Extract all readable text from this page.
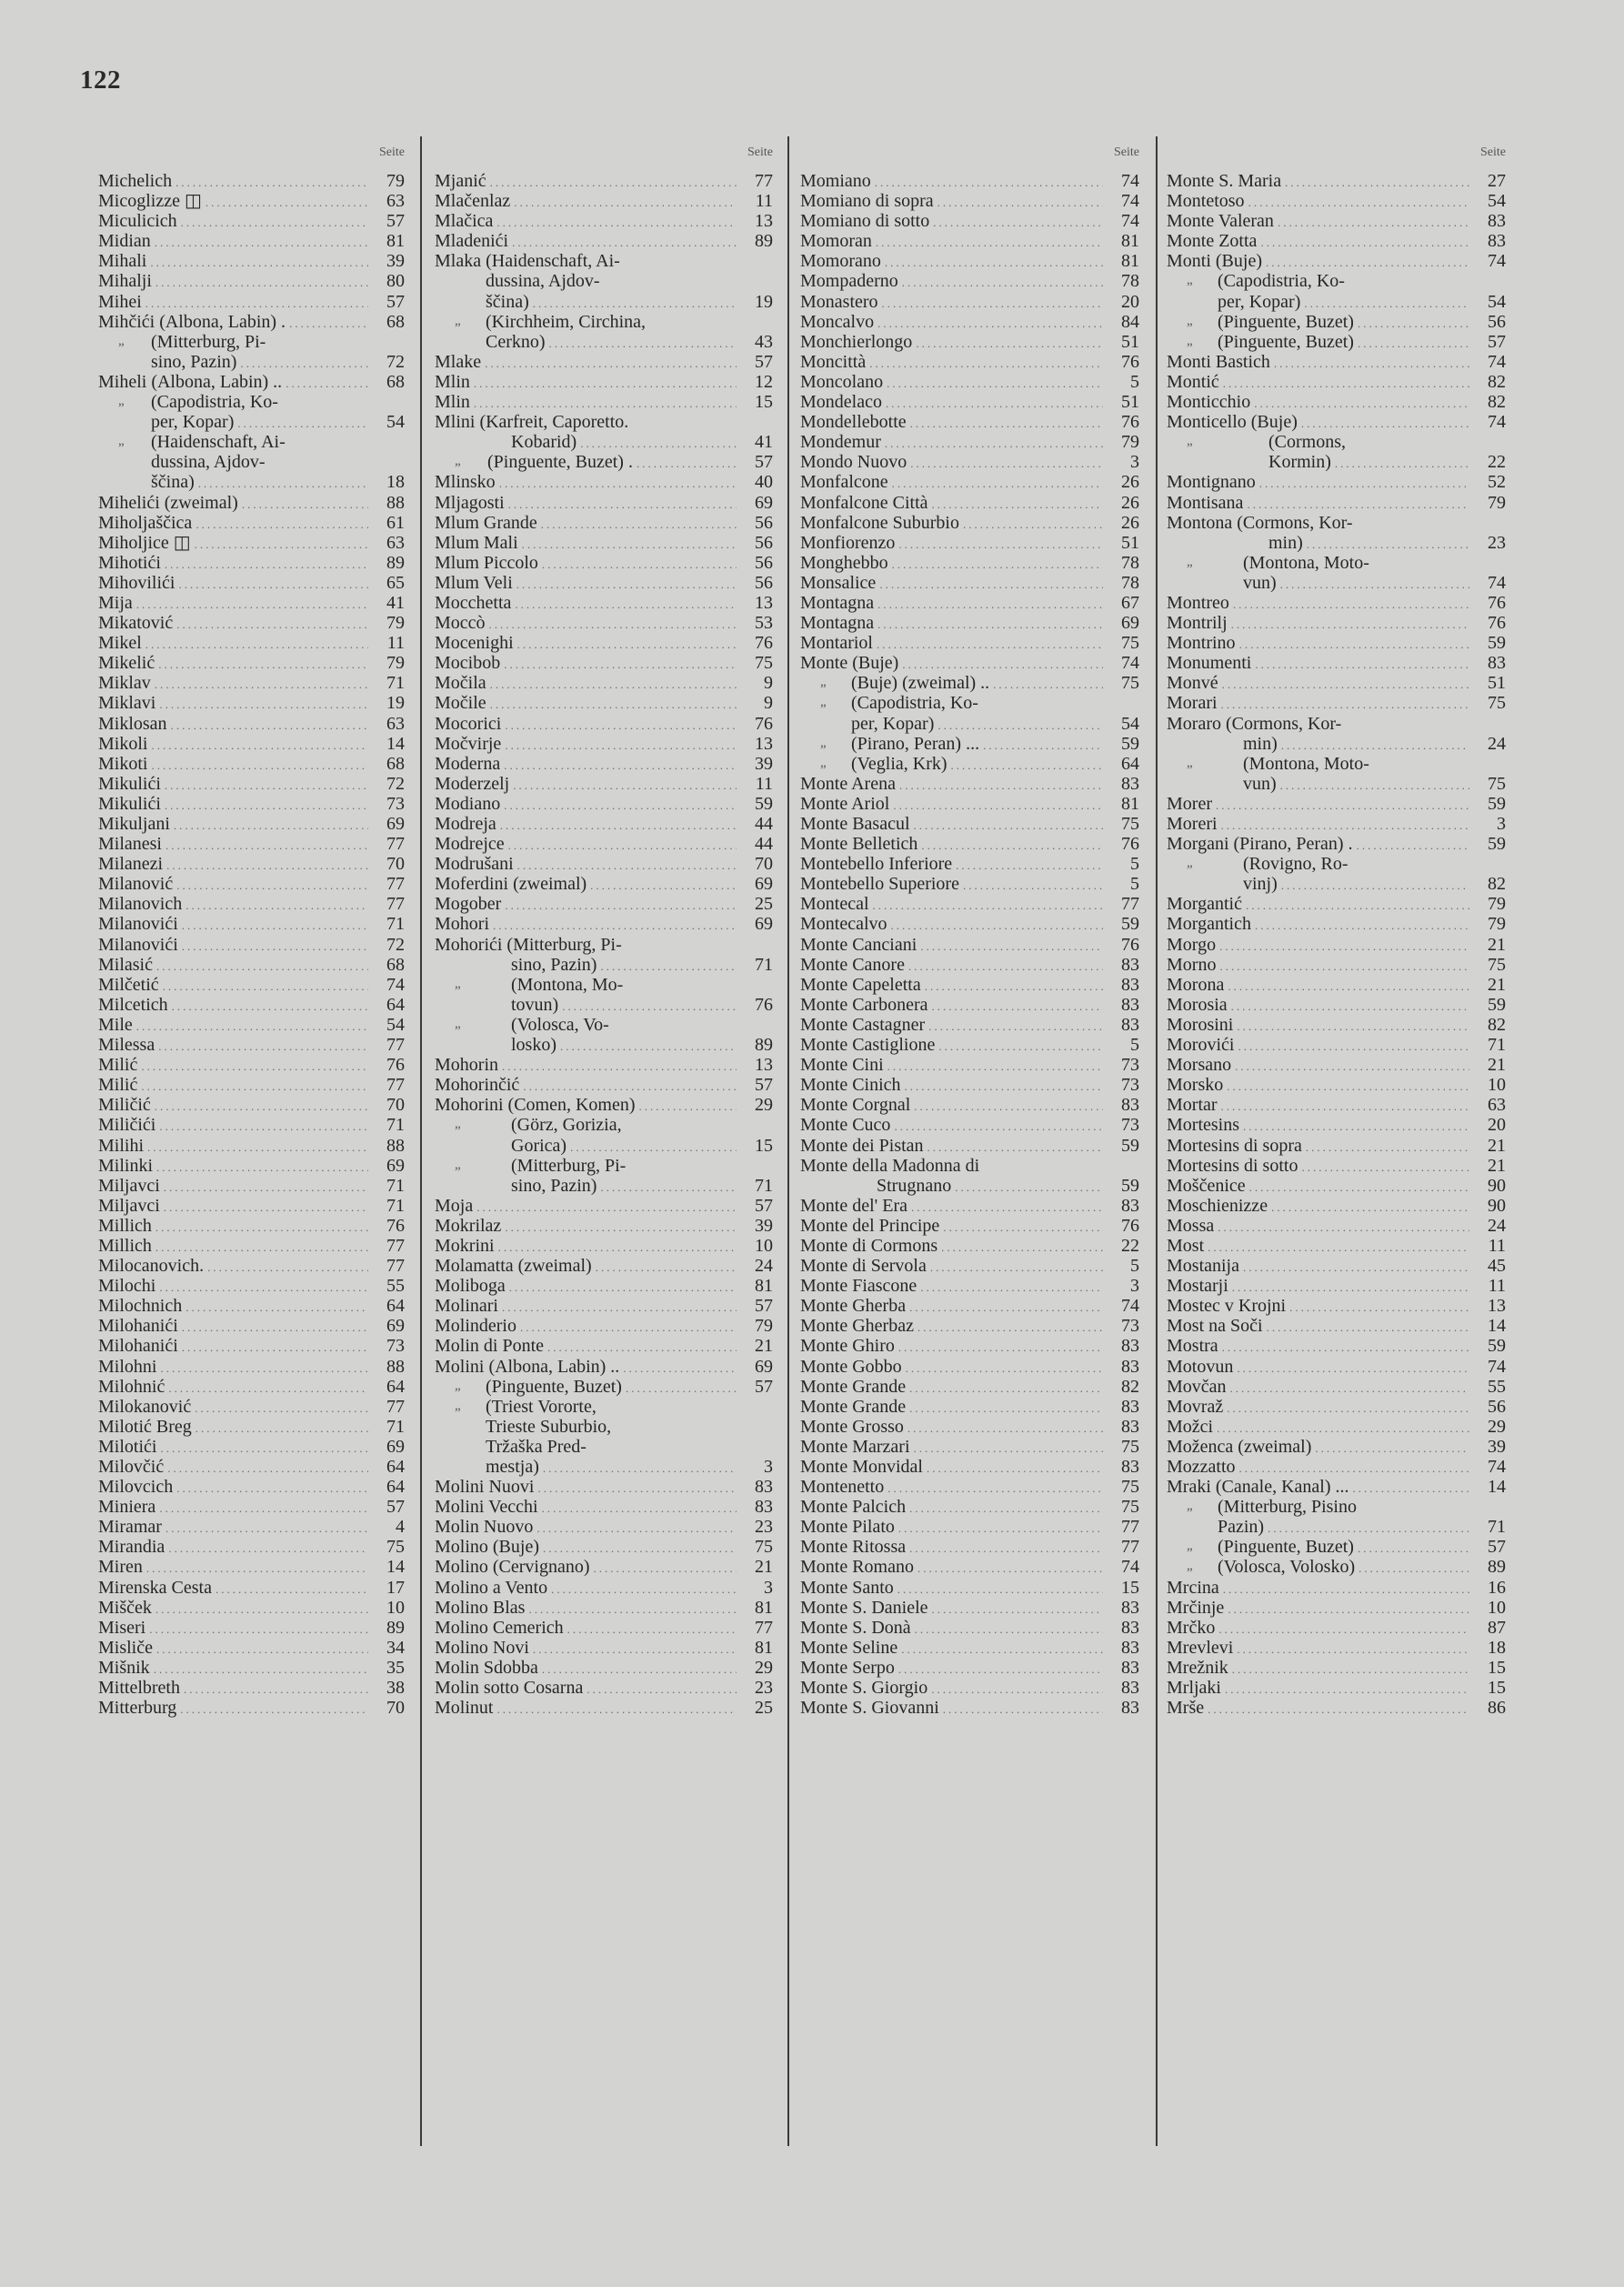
122
Seite
Michelich .....	79
Micoglizze ◫ .....	63
Miculicich .....	57
Midian .....	81
Mihali .....	39
Mihalji .....	80
Mihei .....	57
Mihčići (Albona, Labin) . .....	68
„ (Mitterburg, Pi-
sino, Pazin) .....	72
Miheli (Albona, Labin) .. .....	68
„ (Capodistria, Ko-
per, Kopar) .....	54
„ (Haidenschaft, Ai-
dussina, Ajdov-
ščina) .....	18
Mihelići (zweimal) .....	88
Miholjaščica .....	61
Miholjice ◫ .....	63
Mihotići .....	89
Mihovilići .....	65
Mija .....	41
Mikatović .....	79
Mikel .....	11
Mikelić .....	79
Miklav .....	71
Miklavi .....	19
Miklosan .....	63
Mikoli .....	14
Mikoti .....	68
Mikulići .....	72
Mikulići .....	73
Mikuljani .....	69
Milanesi .....	77
Milanezi .....	70
Milanović .....	77
Milanovich .....	77
Milanovići .....	71
Milanovići .....	72
Milasić .....	68
Milčetić .....	74
Milcetich .....	64
Mile .....	54
Milessa .....	77
Milić .....	76
Milić .....	77
Miličić .....	70
Miličići .....	71
Milihi .....	88
Milinki .....	69
Miljavci .....	71
Miljavci .....	71
Millich .....	76
Millich .....	77
Milocanovich. .....	77
Milochi .....	55
Milochnich .....	64
Milohanići .....	69
Milohanići .....	73
Milohni .....	88
Milohnić .....	64
Milokanović .....	77
Milotić Breg .....	71
Milotići .....	69
Milovčić .....	64
Milovcich .....	64
Miniera .....	57
Miramar .....	4
Mirandia .....	75
Miren .....	14
Mirenska Cesta .....	17
Mišček .....	10
Miseri .....	89
Misliče .....	34
Mišnik .....	35
Mittelbreth .....	38
Mitterburg .....	70
Seite
Mjanić .....	77
Mlačenlaz .....	11
Mlačica .....	13
Mladenići .....	89
Mlaka (Haidenschaft, Ai-
dussina, Ajdov-
ščina) .....	19
„ (Kirchheim, Circhina,
Cerkno) .....	43
Mlake .....	57
Mlin .....	12
Mlin .....	15
Mlini (Karfreit, Caporetto.
Kobarid) .....	41
„ (Pinguente, Buzet) . .....	57
Mlinsko .....	40
Mljagosti .....	69
Mlum Grande .....	56
Mlum Mali .....	56
Mlum Piccolo .....	56
Mlum Veli .....	56
Mocchetta .....	13
Moccò .....	53
Mocenighi .....	76
Mocibob .....	75
Močila .....	9
Močile .....	9
Mocorici .....	76
Močvirje .....	13
Moderna .....	39
Moderzelj .....	11
Modiano .....	59
Modreja .....	44
Modrejce .....	44
Modrušani .....	70
Moferdini (zweimal) .....	69
Mogober .....	25
Mohori .....	69
Mohorići (Mitterburg, Pi-
sino, Pazin) .....	71
„	(Montona, Mo-
tovun) .....	76
„	(Volosca, Vo-
losko) .....	89
Mohorin .....	13
Mohorinčić .....	57
Mohorini (Comen, Komen) .....	29
„	(Görz, Gorizia,
Gorica) .....	15
„	(Mitterburg, Pi-
sino, Pazin) .....	71
Moja .....	57
Mokrilaz .....	39
Mokrini .....	10
Molamatta (zweimal) .....	24
Moliboga .....	81
Molinari .....	57
Molinderio .....	79
Molin di Ponte .....	21
Molini (Albona, Labin) .. .....	69
„ (Pinguente, Buzet) .....	57
„ (Triest Vororte,
Trieste Suburbio,
Tržaška Pred-
mestja) .....	3
Molini Nuovi .....	83
Molini Vecchi .....	83
Molin Nuovo .....	23
Molino (Buje) .....	75
Molino (Cervignano) .....	21
Molino a Vento .....	3
Molino Blas .....	81
Molino Cemerich .....	77
Molino Novi .....	81
Molin Sdobba .....	29
Molin sotto Cosarna .....	23
Molinut .....	25
Seite
Momiano .....	74
Momiano di sopra .....	74
Momiano di sotto .....	74
Momoran .....	81
Momorano .....	81
Mompaderno .....	78
Monastero .....	20
Moncalvo .....	84
Monchierlongo .....	51
Moncittà .....	76
Moncolano .....	5
Mondelaco .....	51
Mondellebotte .....	76
Mondemur .....	79
Mondo Nuovo .....	3
Monfalcone .....	26
Monfalcone Città .....	26
Monfalcone Suburbio .....	26
Monfiorenzo .....	51
Monghebbo .....	78
Monsalice .....	78
Montagna .....	67
Montagna .....	69
Montariol .....	75
Monte (Buje) .....	74
„ (Buje) (zweimal) .. .....	75
„ (Capodistria, Ko-
per, Kopar) .....	54
„ (Pirano, Peran) ... .....	59
„ (Veglia, Krk) .....	64
Monte Arena .....	83
Monte Ariol .....	81
Monte Basacul .....	75
Monte Belletich .....	76
Montebello Inferiore .....	5
Montebello Superiore .....	5
Montecal .....	77
Montecalvo .....	59
Monte Canciani .....	76
Monte Canore .....	83
Monte Capeletta .....	83
Monte Carbonera .....	83
Monte Castagner .....	83
Monte Castiglione .....	5
Monte Cini .....	73
Monte Cinich .....	73
Monte Corgnal .....	83
Monte Cuco .....	73
Monte dei Pistan .....	59
Monte della Madonna di
Strugnano .....	59
Monte del' Era .....	83
Monte del Principe .....	76
Monte di Cormons .....	22
Monte di Servola .....	5
Monte Fiascone .....	3
Monte Gherba .....	74
Monte Gherbaz .....	73
Monte Ghiro .....	83
Monte Gobbo .....	83
Monte Grande .....	82
Monte Grande .....	83
Monte Grosso .....	83
Monte Marzari .....	75
Monte Monvidal .....	83
Montenetto .....	75
Monte Palcich .....	75
Monte Pilato .....	77
Monte Ritossa .....	77
Monte Romano .....	74
Monte Santo .....	15
Monte S. Daniele .....	83
Monte S. Donà .....	83
Monte Seline .....	83
Monte Serpo .....	83
Monte S. Giorgio .....	83
Monte S. Giovanni .....	83
Seite
Monte S. Maria .....	27
Montetoso .....	54
Monte Valeran .....	83
Monte Zotta .....	83
Monti (Buje) .....	74
„ (Capodistria, Ko-
per, Kopar) .....	54
„ (Pinguente, Buzet) .....	56
„ (Pinguente, Buzet) .....	57
Monti Bastich .....	74
Montić .....	82
Monticchio .....	82
Monticello (Buje) .....	74
„	(Cormons,
Kormin) .....	22
Montignano .....	52
Montisana .....	79
Montona (Cormons, Kor-
min) .....	23
„	(Montona, Moto-
vun) .....	74
Montreo .....	76
Montrilj .....	76
Montrino .....	59
Monumenti .....	83
Monvé .....	51
Morari .....	75
Moraro (Cormons, Kor-
min) .....	24
„	(Montona, Moto-
vun) .....	75
Morer .....	59
Moreri .....	3
Morgani (Pirano, Peran) . .....	59
„	(Rovigno, Ro-
vinj) .....	82
Morgantić .....	79
Morgantich .....	79
Morgo .....	21
Morno .....	75
Morona .....	21
Morosia .....	59
Morosini .....	82
Morovići .....	71
Morsano .....	21
Morsko .....	10
Mortar .....	63
Mortesins .....	20
Mortesins di sopra .....	21
Mortesins di sotto .....	21
Moščenice .....	90
Moschienizze .....	90
Mossa .....	24
Most .....	11
Mostanija .....	45
Mostarji .....	11
Mostec v Krojni .....	13
Most na Soči .....	14
Mostra .....	59
Motovun .....	74
Movčan .....	55
Movraž .....	56
Možci .....	29
Moženca (zweimal) .....	39
Mozzatto .....	74
Mraki (Canale, Kanal) ... .....	14
„ (Mitterburg, Pisino
Pazin) .....	71
„ (Pinguente, Buzet) .....	57
„ (Volosca, Volosko) .....	89
Mrcina .....	16
Mrčinje .....	10
Mrčko .....	87
Mrevlevi .....	18
Mrežnik .....	15
Mrljaki .....	15
Mrše .....	86
